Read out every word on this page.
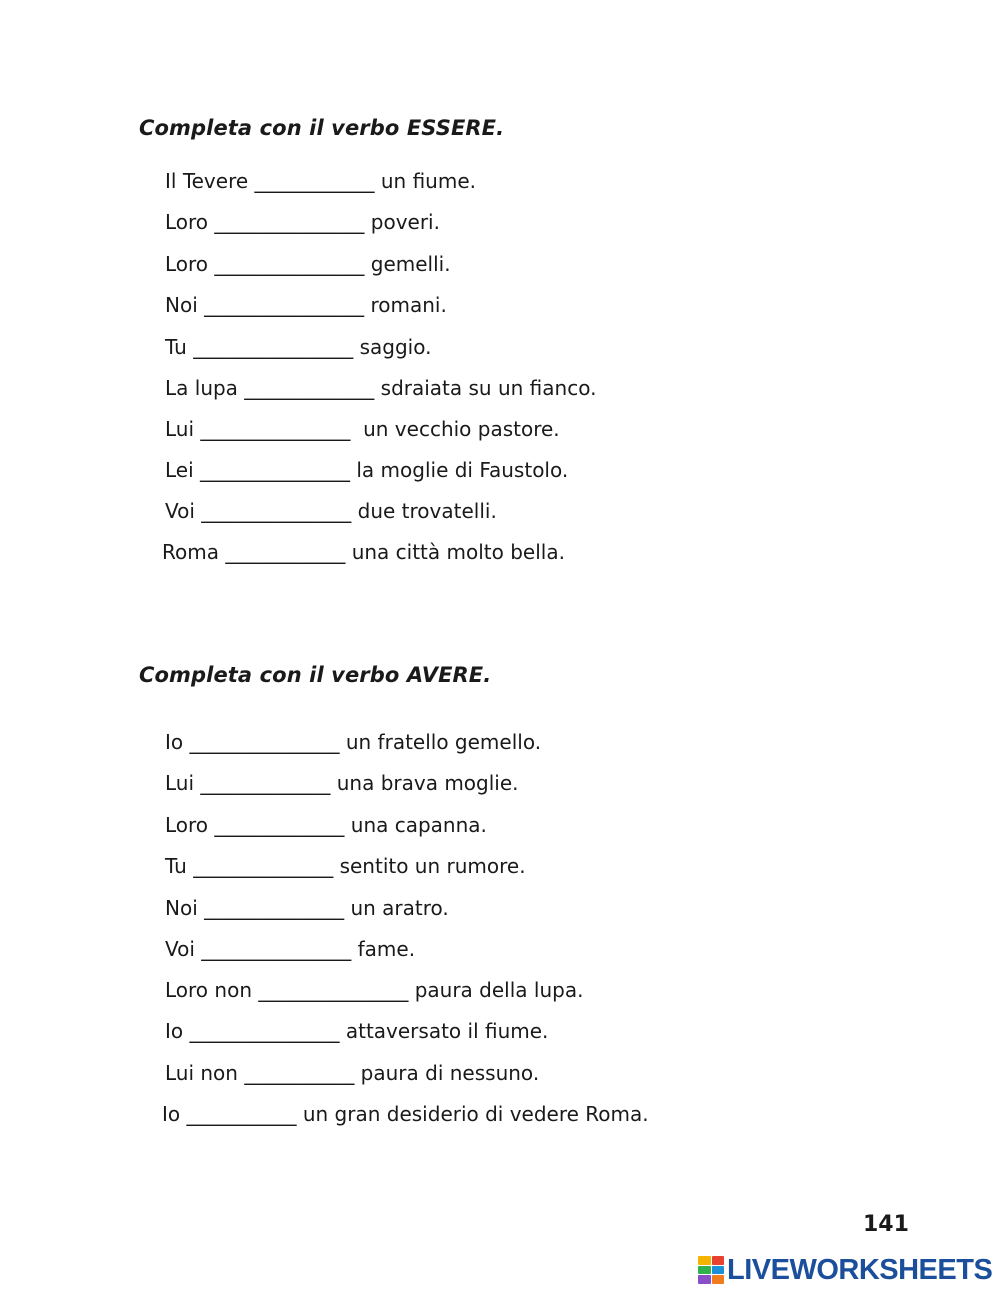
Completa con il verbo ESSERE.
Il Tevere ____________ un fiume.
Loro _______________ poveri.
Loro _______________ gemelli.
Noi ________________ romani.
Tu ________________ saggio.
La lupa _____________ sdraiata su un fianco.
Lui _______________  un vecchio pastore.
Lei _______________ la moglie di Faustolo.
Voi _______________ due trovatelli.
Roma ____________ una città molto bella.
Completa con il verbo AVERE.
Io _______________ un fratello gemello.
Lui _____________ una brava moglie.
Loro _____________ una capanna.
Tu ______________ sentito un rumore.
Noi ______________ un aratro.
Voi _______________ fame.
Loro non _______________ paura della lupa.
Io _______________ attaversato il fiume.
Lui non ___________ paura di nessuno.
Io ___________ un gran desiderio di vedere Roma.

141

LIVEWORKSHEETS
